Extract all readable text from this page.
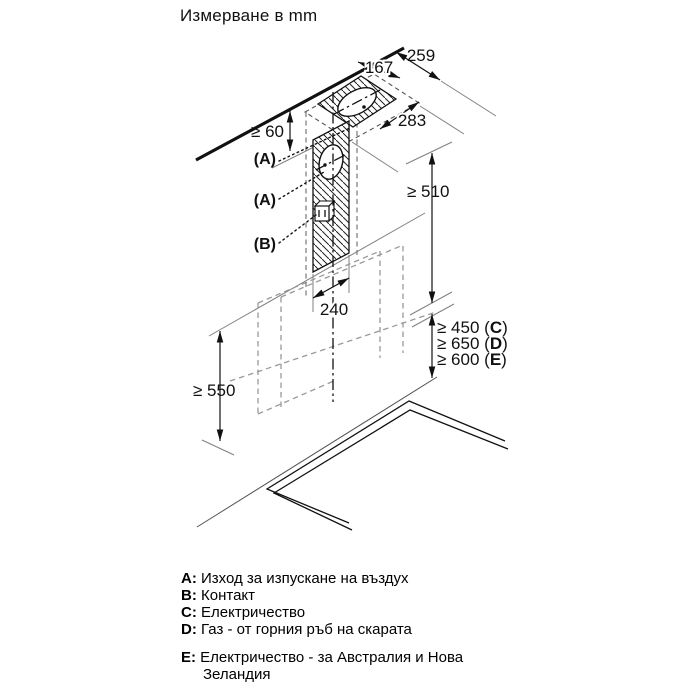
Измерване в mm
259
167
283
≥ 60
≥ 510
240
≥ 550
≥ 450 (C)
≥ 650 (D)
≥ 600 (E)
(A)
(A)
(B)
A: Изход за изпускане на въздух
B: Контакт
C: Електричество
D: Газ - от горния ръб на скарата
E: Електричество - за Австралия и Нова Зеландия
